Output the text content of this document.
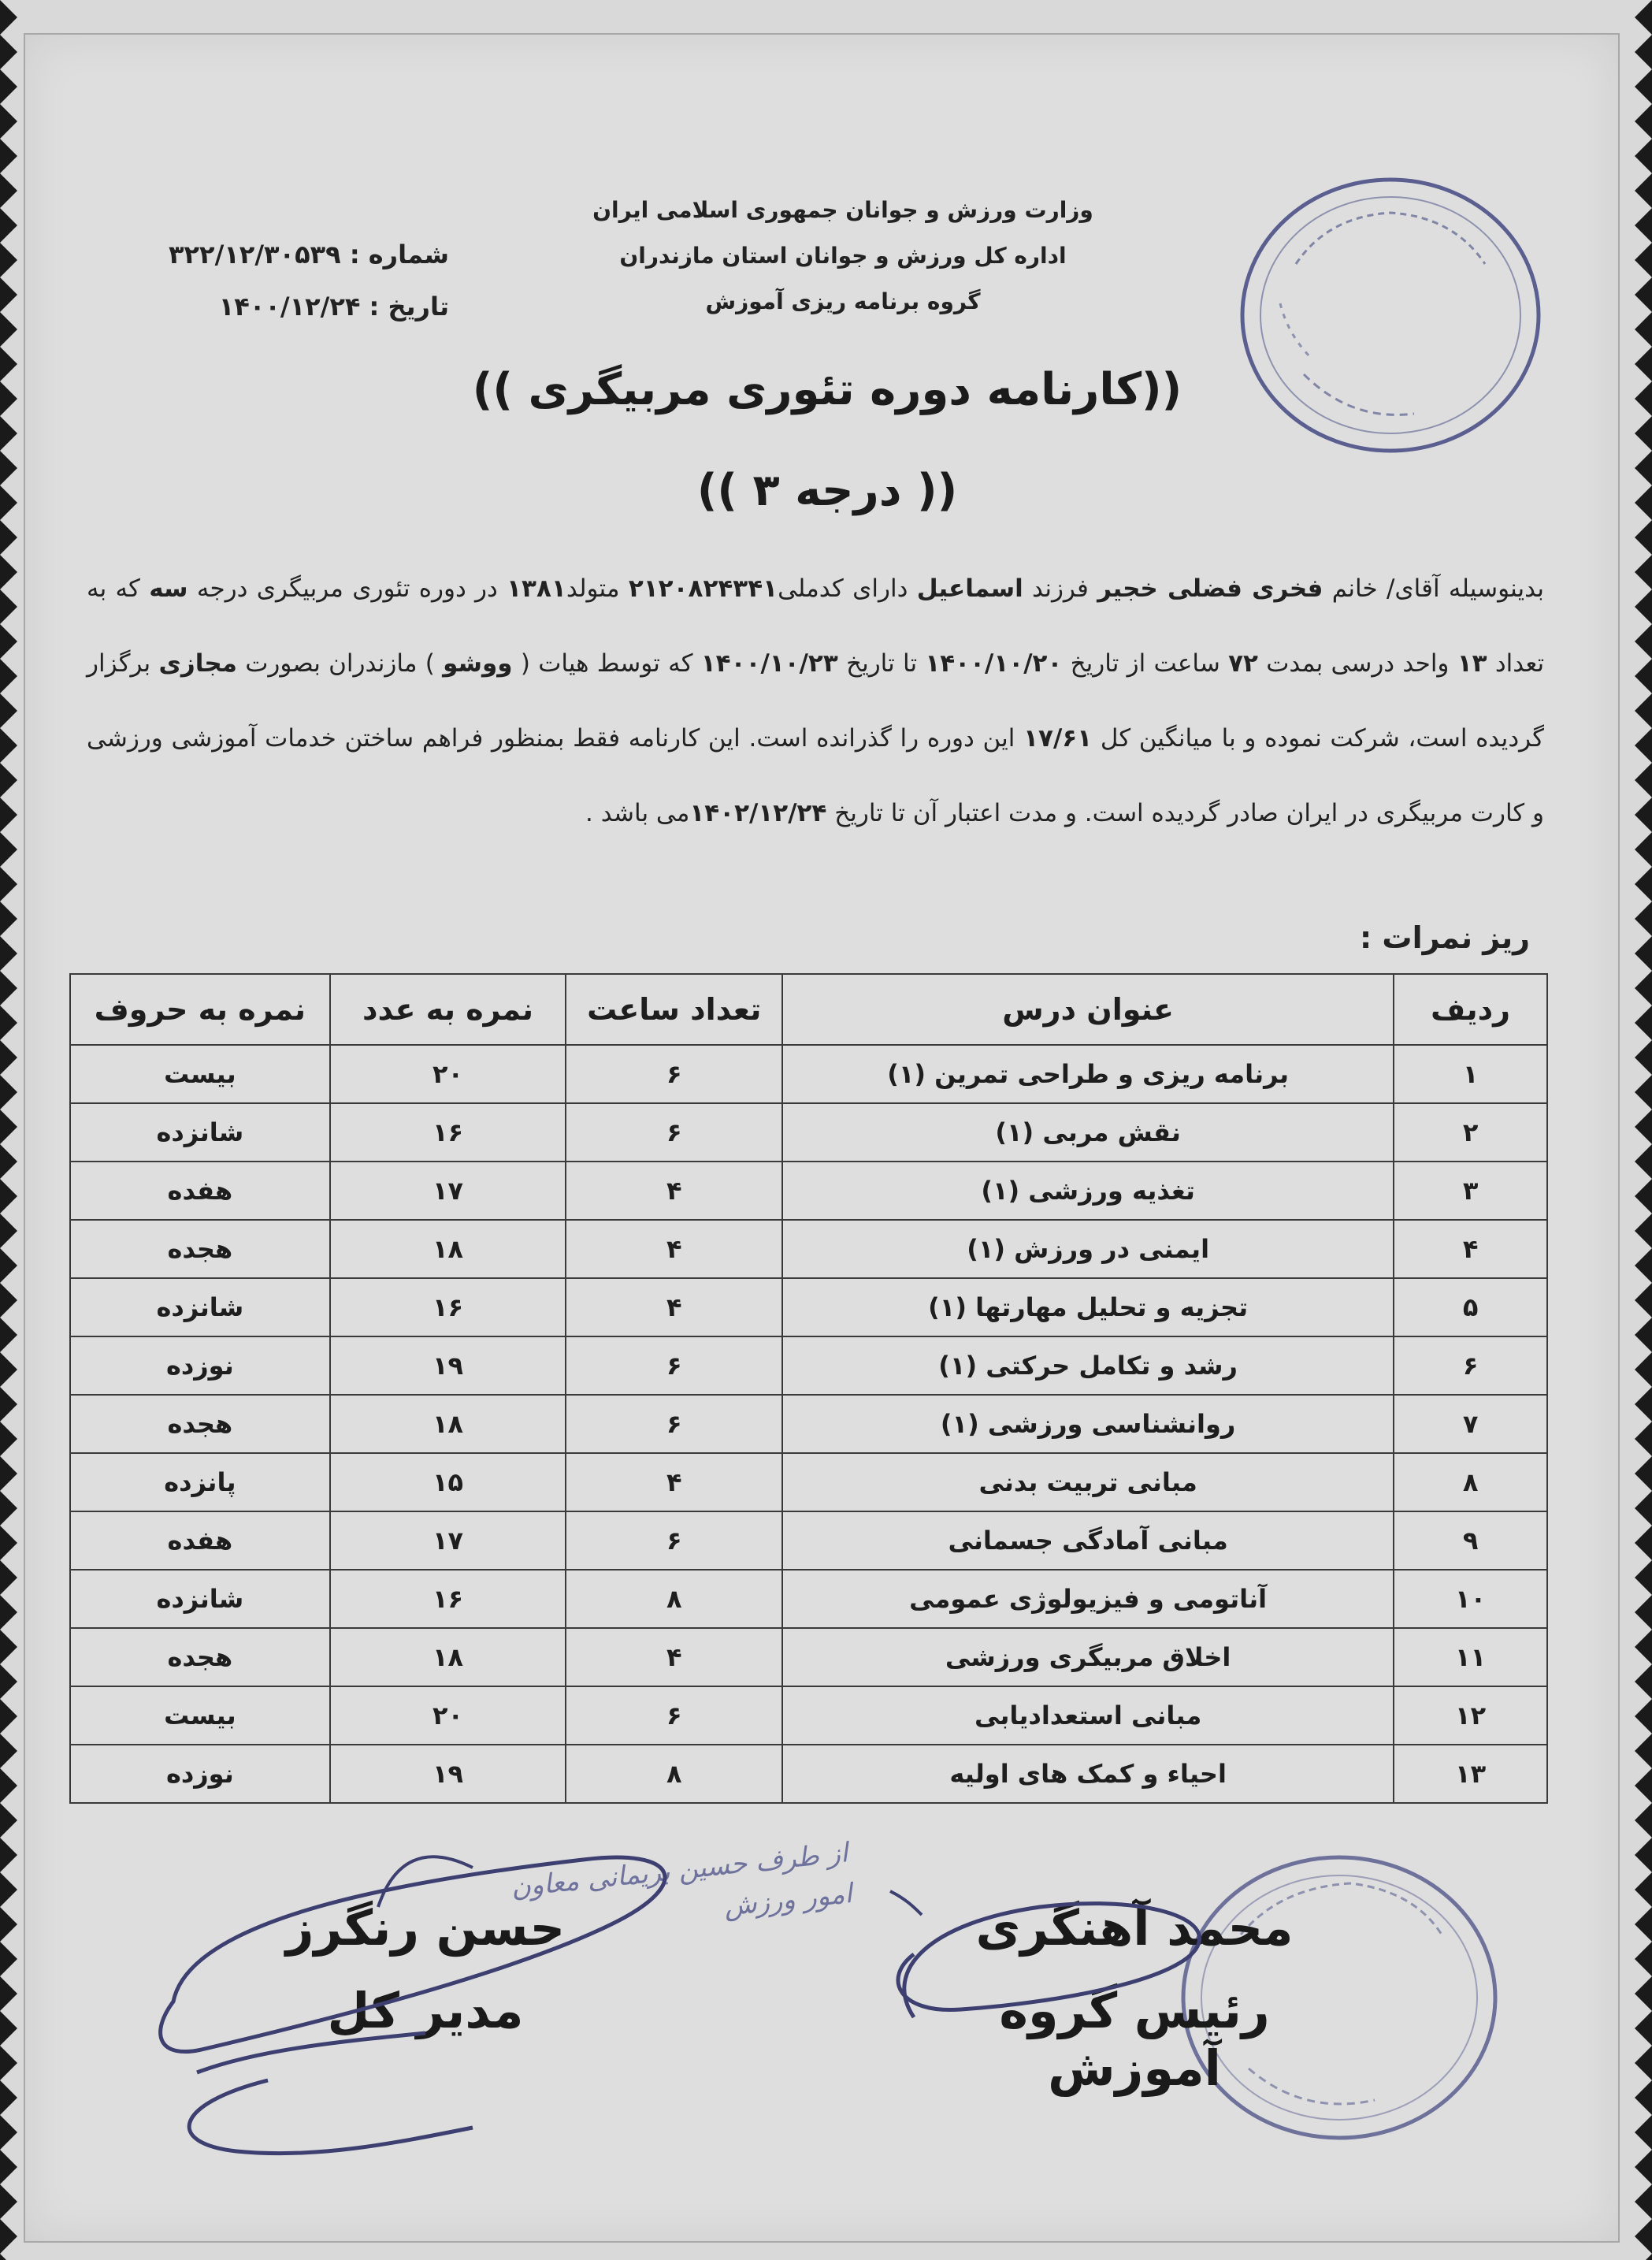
وزارت ورزش و جوانان جمهوری اسلامی ایران
اداره کل ورزش و جوانان استان مازندران
گروه برنامه ریزی آموزش
شماره : ۳۲۲/۱۲/۳۰۵۳۹
تاریخ : ۱۴۰۰/۱۲/۲۴
((کارنامه دوره تئوری مربیگری ))
(( درجه ۳ ))
بدینوسیله آقای/ خانم فخری فضلی خجیر فرزند اسماعیل دارای کدملی۲۱۲۰۸۲۴۳۴۱ متولد۱۳۸۱ در دوره تئوری مربیگری درجه سه که به تعداد ۱۳ واحد درسی بمدت ۷۲ ساعت از تاریخ ۱۴۰۰/۱۰/۲۰ تا تاریخ ۱۴۰۰/۱۰/۲۳ که توسط هیات ( ووشو ) مازندران بصورت مجازی برگزار گردیده است، شرکت نموده و با میانگین کل ۱۷/۶۱ این دوره را گذرانده است. این کارنامه فقط بمنظور فراهم ساختن خدمات آموزشی ورزشی و کارت مربیگری در ایران صادر گردیده است. و مدت اعتبار آن تا تاریخ ۱۴۰۲/۱۲/۲۴می باشد .
ریز نمرات :
ردیف	عنوان درس	تعداد ساعت	نمره به عدد	نمره به حروف
۱	برنامه ریزی و طراحی تمرین (۱)	۶	۲۰	بیست
۲	نقش مربی (۱)	۶	۱۶	شانزده
۳	تغذیه ورزشی (۱)	۴	۱۷	هفده
۴	ایمنی در ورزش (۱)	۴	۱۸	هجده
۵	تجزیه و تحلیل مهارتها (۱)	۴	۱۶	شانزده
۶	رشد و تکامل حرکتی (۱)	۶	۱۹	نوزده
۷	روانشناسی ورزشی (۱)	۶	۱۸	هجده
۸	مبانی تربیت بدنی	۴	۱۵	پانزده
۹	مبانی آمادگی جسمانی	۶	۱۷	هفده
۱۰	آناتومی و فیزیولوژی عمومی	۸	۱۶	شانزده
۱۱	اخلاق مربیگری ورزشی	۴	۱۸	هجده
۱۲	مبانی استعدادیابی	۶	۲۰	بیست
۱۳	احیاء و کمک های اولیه	۸	۱۹	نوزده
محمد آهنگری
رئیس گروه آموزش
حسن رنگرز
مدیر کل
از طرف حسین بریمانی معاون امور ورزش
